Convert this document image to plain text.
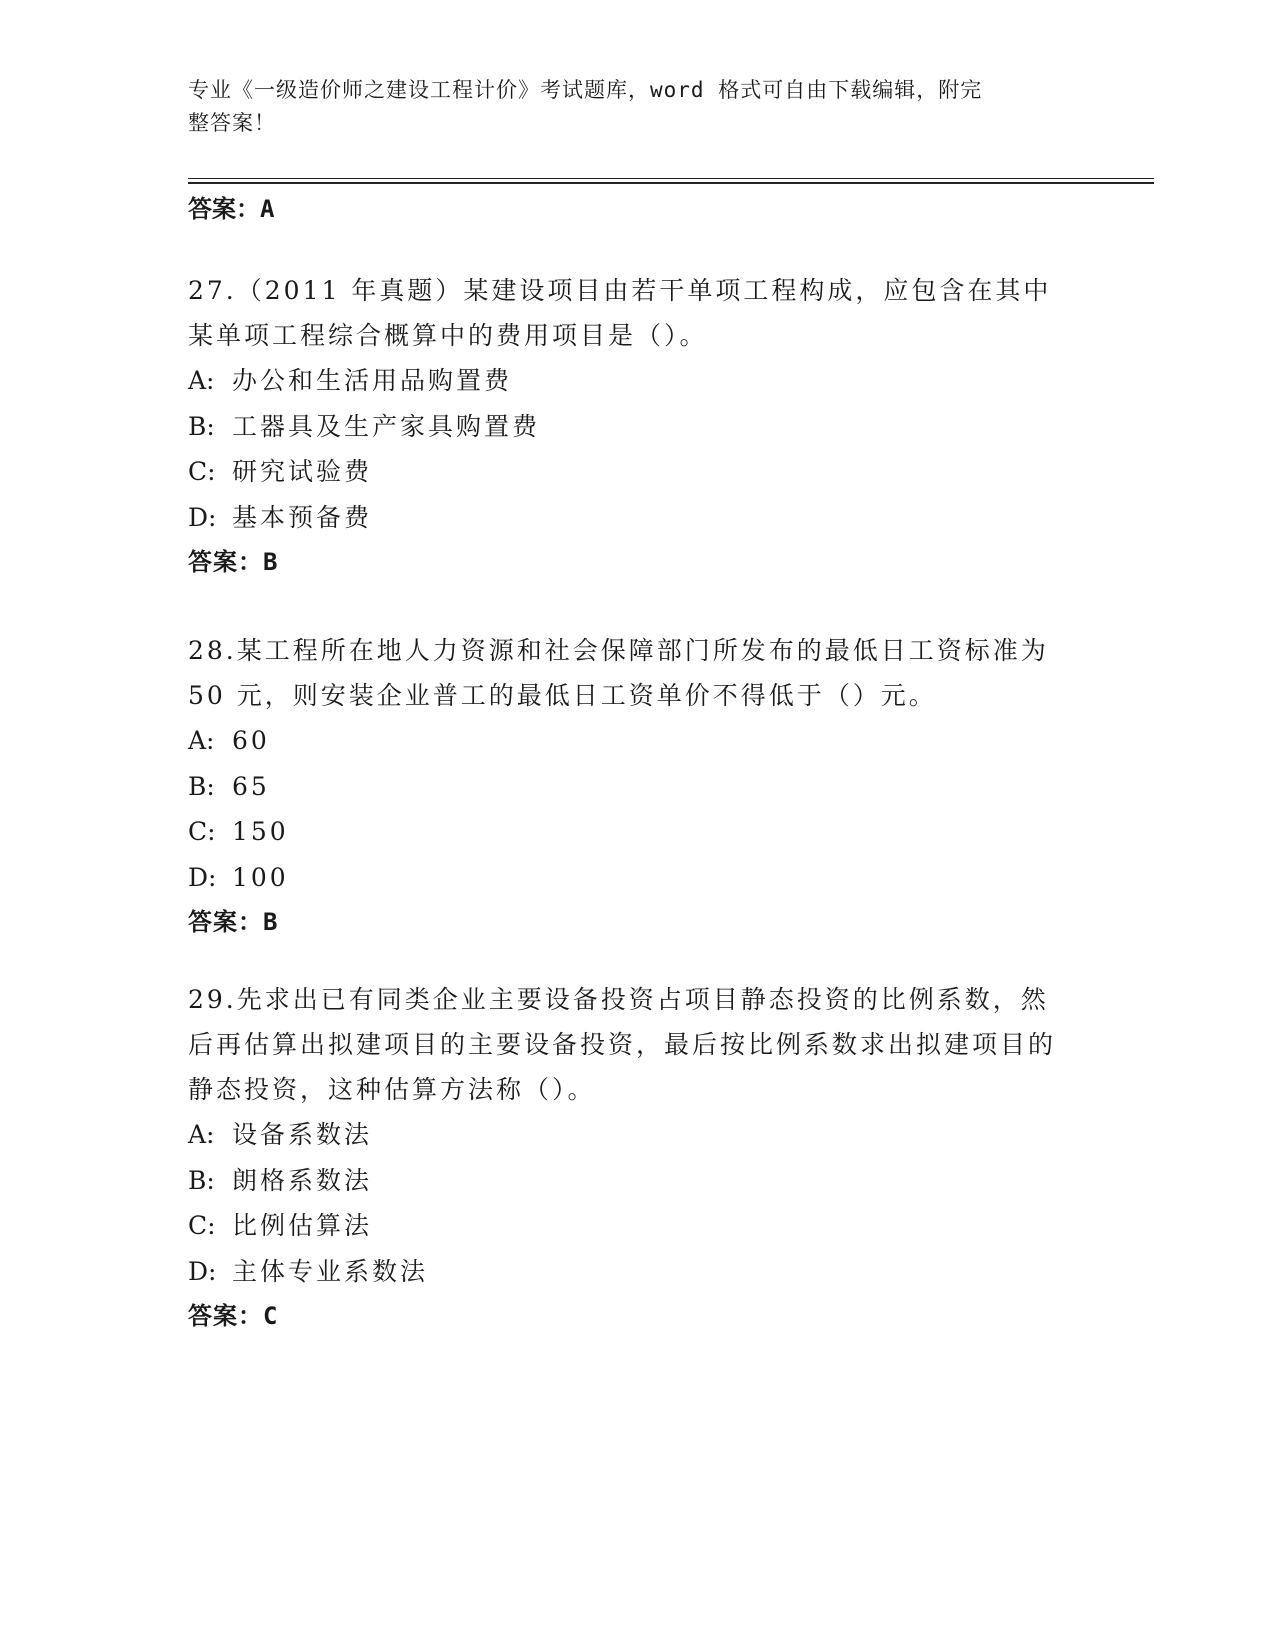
专业《一级造价师之建设工程计价》考试题库，word 格式可自由下载编辑，附完
整答案！
答案：A

27.（2011 年真题）某建设项目由若干单项工程构成，应包含在其中某单项工程综合概算中的费用项目是（）。

A: 办公和生活用品购置费
B: 工器具及生产家具购置费
C: 研究试验费
D: 基本预备费
答案：B

28.某工程所在地人力资源和社会保障部门所发布的最低日工资标准为50 元，则安装企业普工的最低日工资单价不得低于（）元。

A: 60
B: 65
C: 150
D: 100
答案：B

29.先求出已有同类企业主要设备投资占项目静态投资的比例系数，然后再估算出拟建项目的主要设备投资，最后按比例系数求出拟建项目的静态投资，这种估算方法称（）。

A: 设备系数法
B: 朗格系数法
C: 比例估算法
D: 主体专业系数法
答案：C
